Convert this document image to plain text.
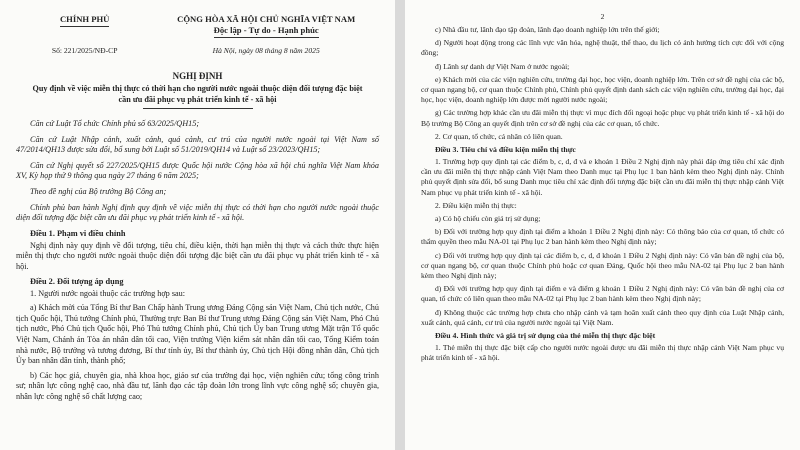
CHÍNH PHỦ	CỘNG HÒA XÃ HỘI CHỦ NGHĨA VIỆT NAM
Độc lập - Tự do - Hạnh phúc
Số: 221/2025/NĐ-CP	Hà Nội, ngày 08 tháng 8 năm 2025
NGHỊ ĐỊNH
Quy định về việc miễn thị thực có thời hạn cho người nước ngoài thuộc diện đối tượng đặc biệt cần ưu đãi phục vụ phát triển kinh tế - xã hội

Căn cứ Luật Tổ chức Chính phủ số 63/2025/QH15;

Căn cứ Luật Nhập cảnh, xuất cảnh, quá cảnh, cư trú của người nước ngoài tại Việt Nam số 47/2014/QH13 được sửa đổi, bổ sung bởi Luật số 51/2019/QH14 và Luật số 23/2023/QH15;

Căn cứ Nghị quyết số 227/2025/QH15 được Quốc hội nước Cộng hòa xã hội chủ nghĩa Việt Nam khóa XV, Kỳ họp thứ 9 thông qua ngày 27 tháng 6 năm 2025;

Theo đề nghị của Bộ trưởng Bộ Công an;

Chính phủ ban hành Nghị định quy định về việc miễn thị thực có thời hạn cho người nước ngoài thuộc diện đối tượng đặc biệt cần ưu đãi phục vụ phát triển kinh tế - xã hội.

Điều 1. Phạm vi điều chỉnh

Nghị định này quy định về đối tượng, tiêu chí, điều kiện, thời hạn miễn thị thực và cách thức thực hiện miễn thị thực cho người nước ngoài thuộc diện đối tượng đặc biệt cần ưu đãi phục vụ phát triển kinh tế - xã hội.

Điều 2. Đối tượng áp dụng

1. Người nước ngoài thuộc các trường hợp sau:

a) Khách mời của Tổng Bí thư Ban Chấp hành Trung ương Đảng Cộng sản Việt Nam, Chủ tịch nước, Chủ tịch Quốc hội, Thủ tướng Chính phủ, Thường trực Ban Bí thư Trung ương Đảng Cộng sản Việt Nam, Phó Chủ tịch nước, Phó Chủ tịch Quốc hội, Phó Thủ tướng Chính phủ, Chủ tịch Ủy ban Trung ương Mặt trận Tổ quốc Việt Nam, Chánh án Tòa án nhân dân tối cao, Viện trưởng Viện kiểm sát nhân dân tối cao, Tổng Kiểm toán nhà nước, Bộ trưởng và tương đương, Bí thư tỉnh ủy, Bí thư thành ủy, Chủ tịch Hội đồng nhân dân, Chủ tịch Ủy ban nhân dân tỉnh, thành phố;

b) Các học giả, chuyên gia, nhà khoa học, giáo sư của trường đại học, viện nghiên cứu; tổng công trình sư; nhân lực công nghệ cao, nhà đầu tư, lãnh đạo các tập đoàn lớn trong lĩnh vực công nghệ số; chuyên gia, nhân lực công nghệ số chất lượng cao;

2

c) Nhà đầu tư, lãnh đạo tập đoàn, lãnh đạo doanh nghiệp lớn trên thế giới;

d) Người hoạt động trong các lĩnh vực văn hóa, nghệ thuật, thể thao, du lịch có ảnh hưởng tích cực đối với cộng đồng;

đ) Lãnh sự danh dự Việt Nam ở nước ngoài;

e) Khách mời của các viện nghiên cứu, trường đại học, học viện, doanh nghiệp lớn. Trên cơ sở đề nghị của các bộ, cơ quan ngang bộ, cơ quan thuộc Chính phủ, Chính phủ quyết định danh sách các viện nghiên cứu, trường đại học, đại học, học viện, doanh nghiệp lớn được mời người nước ngoài;

g) Các trường hợp khác cần ưu đãi miễn thị thực vì mục đích đối ngoại hoặc phục vụ phát triển kinh tế - xã hội do Bộ trưởng Bộ Công an quyết định trên cơ sở đề nghị của các cơ quan, tổ chức.

2. Cơ quan, tổ chức, cá nhân có liên quan.

Điều 3. Tiêu chí và điều kiện miễn thị thực

1. Trường hợp quy định tại các điểm b, c, d, đ và e khoản 1 Điều 2 Nghị định này phải đáp ứng tiêu chí xác định cần ưu đãi miễn thị thực nhập cảnh Việt Nam theo Danh mục tại Phụ lục 1 ban hành kèm theo Nghị định này. Chính phủ quyết định sửa đổi, bổ sung Danh mục tiêu chí xác định đối tượng đặc biệt cần ưu đãi miễn thị thực nhập cảnh Việt Nam phục vụ phát triển kinh tế - xã hội.

2. Điều kiện miễn thị thực:

a) Có hộ chiếu còn giá trị sử dụng;

b) Đối với trường hợp quy định tại điểm a khoản 1 Điều 2 Nghị định này: Có thông báo của cơ quan, tổ chức có thẩm quyền theo mẫu NA-01 tại Phụ lục 2 ban hành kèm theo Nghị định này;

c) Đối với trường hợp quy định tại các điểm b, c, d, đ khoản 1 Điều 2 Nghị định này: Có văn bản đề nghị của bộ, cơ quan ngang bộ, cơ quan thuộc Chính phủ hoặc cơ quan Đảng, Quốc hội theo mẫu NA-02 tại Phụ lục 2 ban hành kèm theo Nghị định này;

d) Đối với trường hợp quy định tại điểm e và điểm g khoản 1 Điều 2 Nghị định này: Có văn bản đề nghị của cơ quan, tổ chức có liên quan theo mẫu NA-02 tại Phụ lục 2 ban hành kèm theo Nghị định này;

đ) Không thuộc các trường hợp chưa cho nhập cảnh và tạm hoãn xuất cảnh theo quy định của Luật Nhập cảnh, xuất cảnh, quá cảnh, cư trú của người nước ngoài tại Việt Nam.

Điều 4. Hình thức và giá trị sử dụng của thẻ miễn thị thực đặc biệt

1. Thẻ miễn thị thực đặc biệt cấp cho người nước ngoài được ưu đãi miễn thị thực nhập cảnh Việt Nam phục vụ phát triển kinh tế - xã hội.
